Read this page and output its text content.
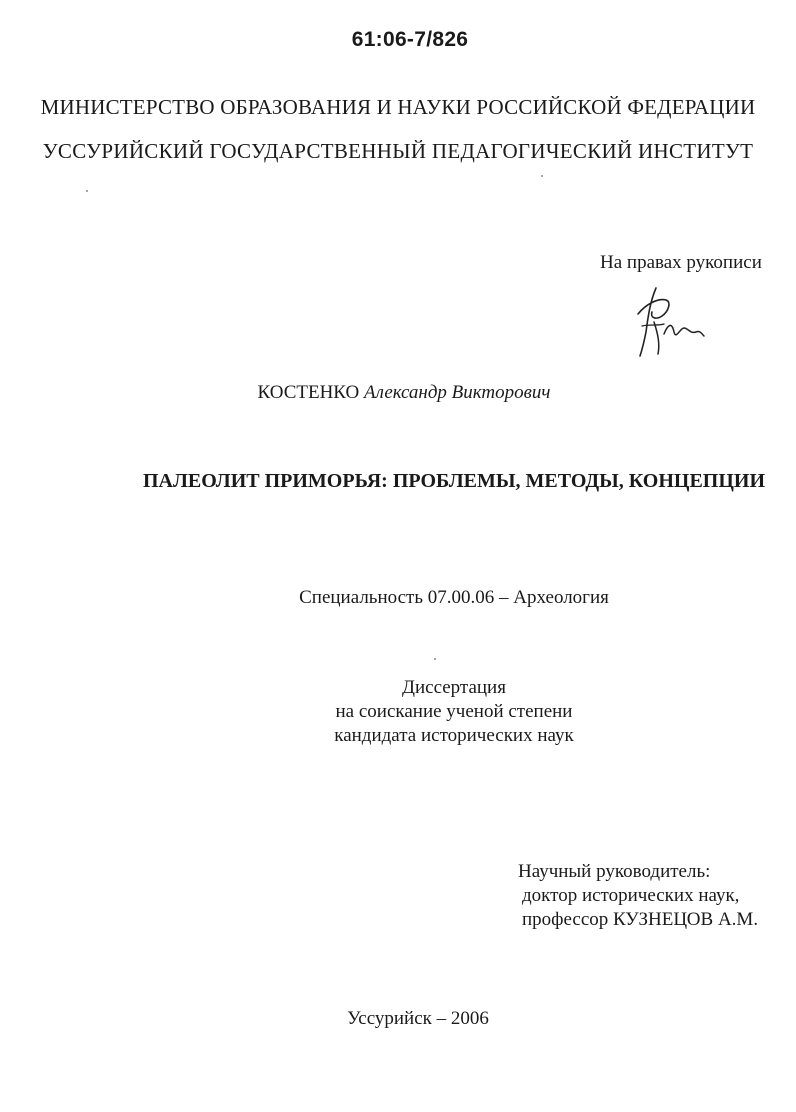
61:06-7/826
МИНИСТЕРСТВО ОБРАЗОВАНИЯ И НАУКИ РОССИЙСКОЙ ФЕДЕРАЦИИ
УССУРИЙСКИЙ ГОСУДАРСТВЕННЫЙ ПЕДАГОГИЧЕСКИЙ ИНСТИТУТ
На правах рукописи
КОСТЕНКО Александр Викторович
ПАЛЕОЛИТ ПРИМОРЬЯ: ПРОБЛЕМЫ, МЕТОДЫ, КОНЦЕПЦИИ
Специальность 07.00.06 – Археология
Диссертация
на соискание ученой степени
кандидата исторических наук
Научный руководитель:
доктор исторических наук,
профессор КУЗНЕЦОВ А.М.
Уссурийск – 2006
